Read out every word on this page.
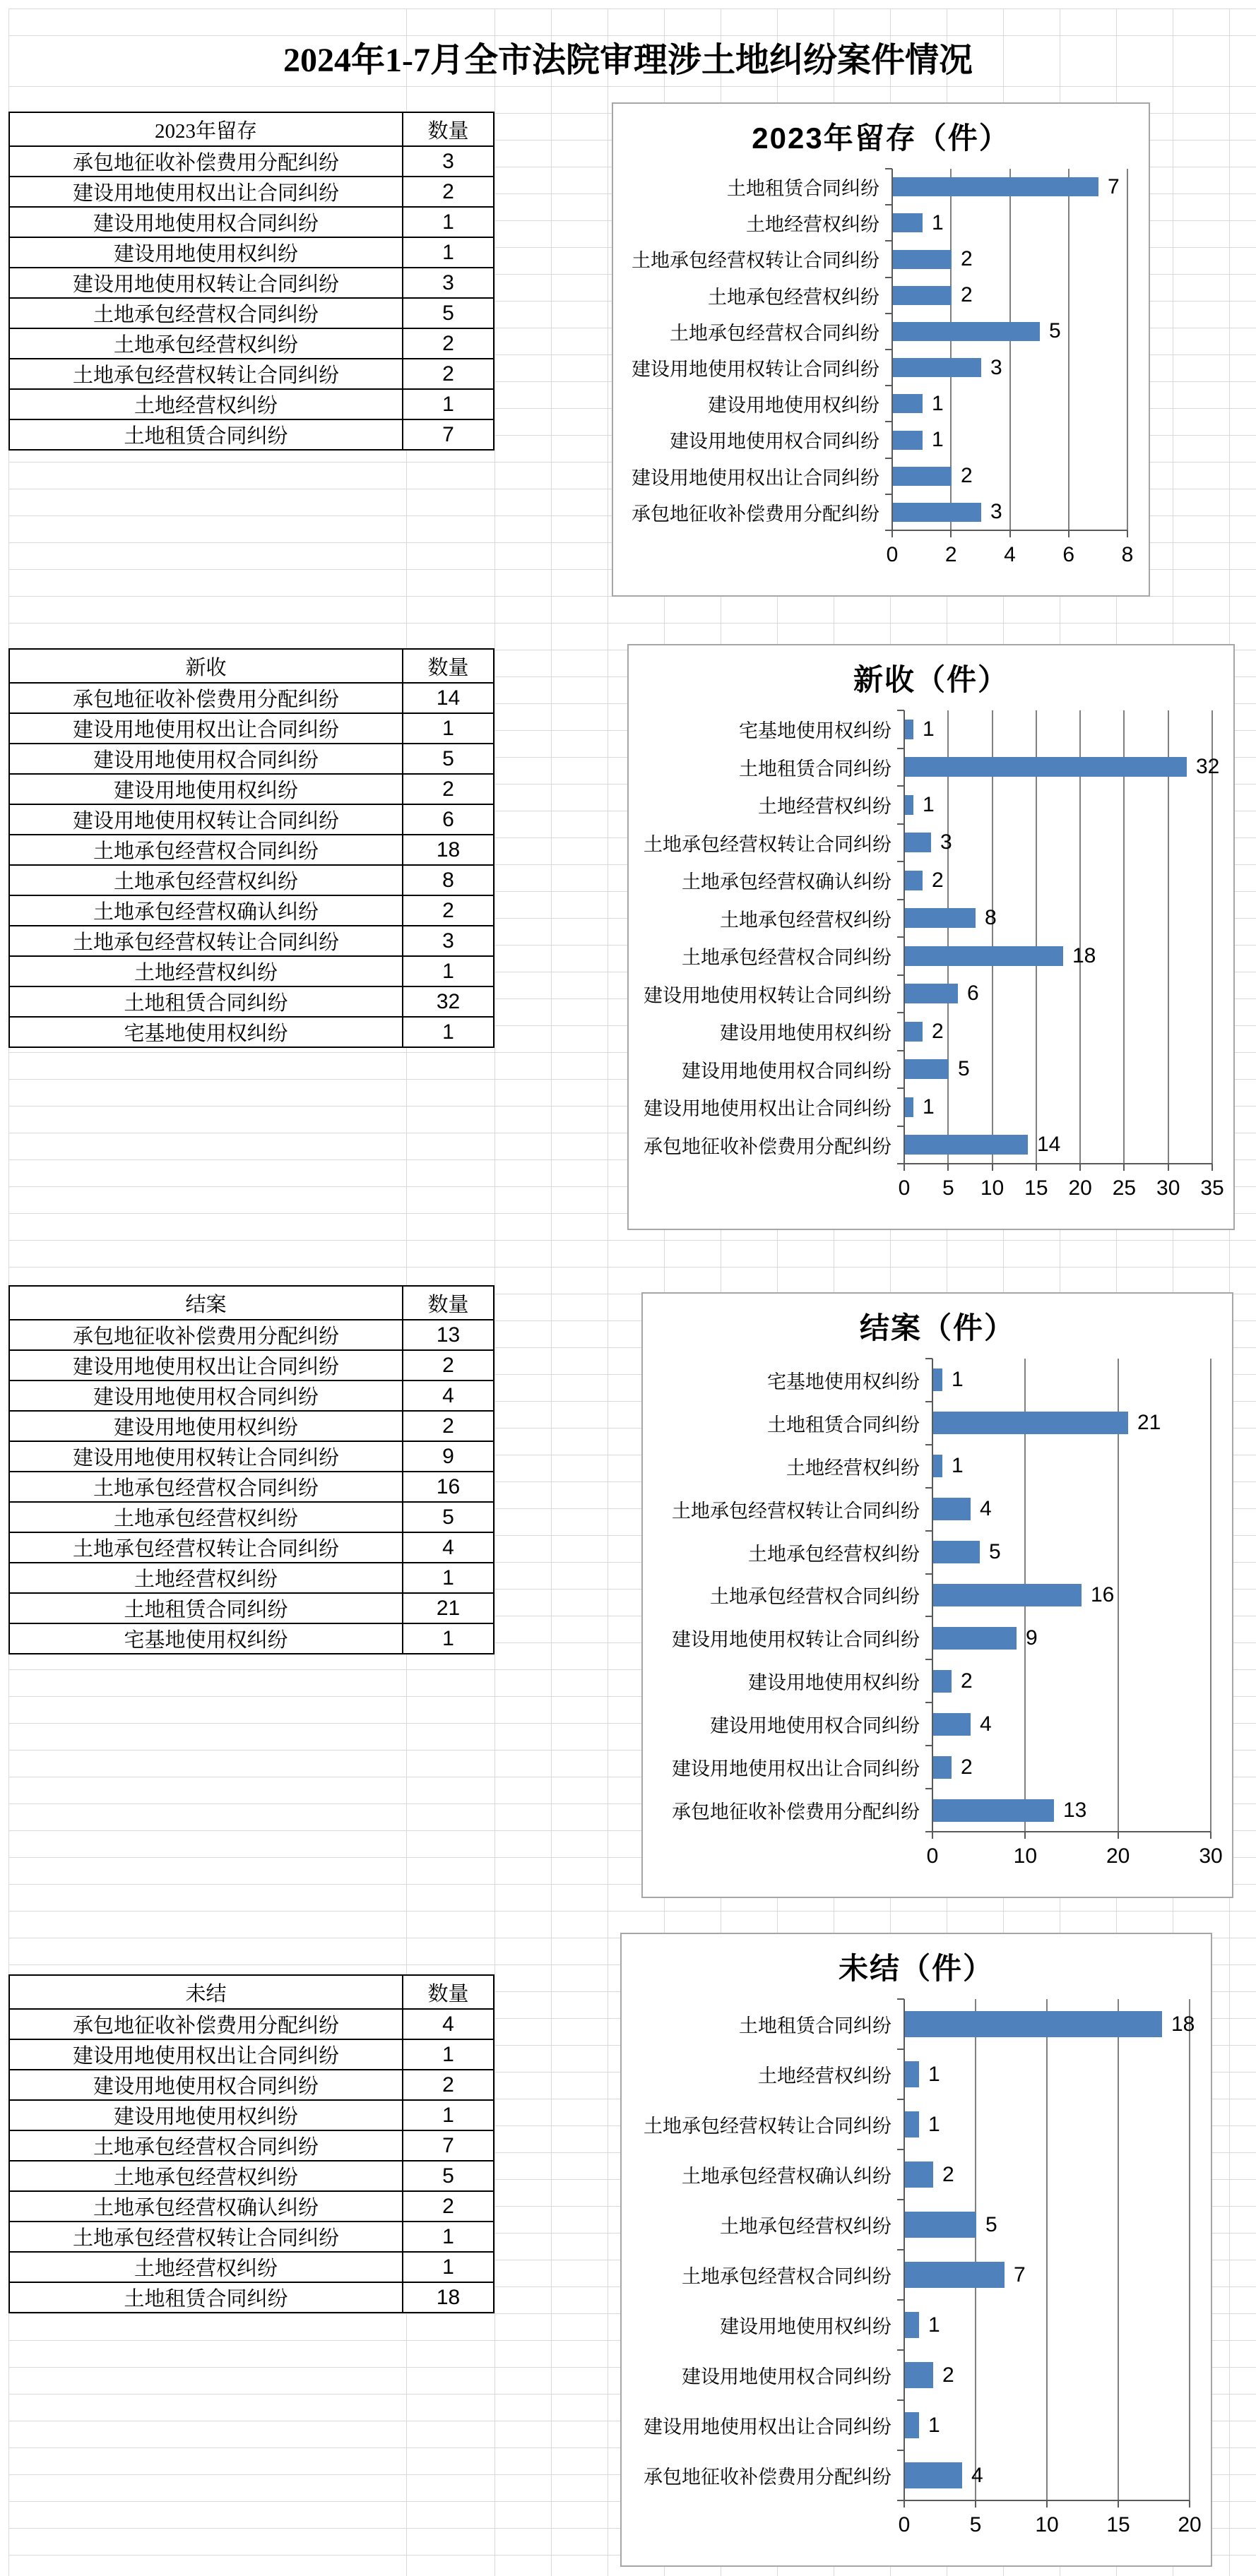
2024年1-7月全市法院审理涉土地纠纷案件情况
2023年留存	数量
承包地征收补偿费用分配纠纷	3
建设用地使用权出让合同纠纷	2
建设用地使用权合同纠纷	1
建设用地使用权纠纷	1
建设用地使用权转让合同纠纷	3
土地承包经营权合同纠纷	5
土地承包经营权纠纷	2
土地承包经营权转让合同纠纷	2
土地经营权纠纷	1
土地租赁合同纠纷	7
2023年留存（件）
0 2 4 6 8
土地租赁合同纠纷	7
土地经营权纠纷 1
土地承包经营权转让合同纠纷	2
土地承包经营权纠纷	2
土地承包经营权合同纠纷	5
建设用地使用权转让合同纠纷	3
建设用地使用权纠纷 1
建设用地使用权合同纠纷 1
建设用地使用权出让合同纠纷	2
承包地征收补偿费用分配纠纷	3
新收	数量
承包地征收补偿费用分配纠纷	14
建设用地使用权出让合同纠纷	1
建设用地使用权合同纠纷	5
建设用地使用权纠纷	2
建设用地使用权转让合同纠纷	6
土地承包经营权合同纠纷	18
土地承包经营权纠纷	8
土地承包经营权确认纠纷	2
土地承包经营权转让合同纠纷	3
土地经营权纠纷	1
土地租赁合同纠纷	32
宅基地使用权纠纷	1
新收（件）
0 5 10 15 20 25 30 35
宅基地使用权纠纷 1
土地租赁合同纠纷	32
土地经营权纠纷 1
土地承包经营权转让合同纠纷 3
土地承包经营权确认纠纷 2
土地承包经营权纠纷	8
土地承包经营权合同纠纷	18
建设用地使用权转让合同纠纷	6
建设用地使用权纠纷 2
建设用地使用权合同纠纷	5
建设用地使用权出让合同纠纷 1
承包地征收补偿费用分配纠纷	14
结案	数量
承包地征收补偿费用分配纠纷	13
建设用地使用权出让合同纠纷	2
建设用地使用权合同纠纷	4
建设用地使用权纠纷	2
建设用地使用权转让合同纠纷	9
土地承包经营权合同纠纷	16
土地承包经营权纠纷	5
土地承包经营权转让合同纠纷	4
土地经营权纠纷	1
土地租赁合同纠纷	21
宅基地使用权纠纷	1
结案（件）
0	10	20	30
宅基地使用权纠纷 1
土地租赁合同纠纷	21
土地经营权纠纷 1
土地承包经营权转让合同纠纷	4
土地承包经营权纠纷	5
土地承包经营权合同纠纷	16
建设用地使用权转让合同纠纷	9
建设用地使用权纠纷 2
建设用地使用权合同纠纷	4
建设用地使用权出让合同纠纷 2
承包地征收补偿费用分配纠纷	13
未结	数量
承包地征收补偿费用分配纠纷	4
建设用地使用权出让合同纠纷	1
建设用地使用权合同纠纷	2
建设用地使用权纠纷	1
土地承包经营权合同纠纷	7
土地承包经营权纠纷	5
土地承包经营权确认纠纷	2
土地承包经营权转让合同纠纷	1
土地经营权纠纷	1
土地租赁合同纠纷	18
未结（件）
0	5	10 15 20
土地租赁合同纠纷	18
土地经营权纠纷 1
土地承包经营权转让合同纠纷 1
土地承包经营权确认纠纷 2
土地承包经营权纠纷	5
土地承包经营权合同纠纷	7
建设用地使用权纠纷 1
建设用地使用权合同纠纷 2
建设用地使用权出让合同纠纷 1
承包地征收补偿费用分配纠纷	4
